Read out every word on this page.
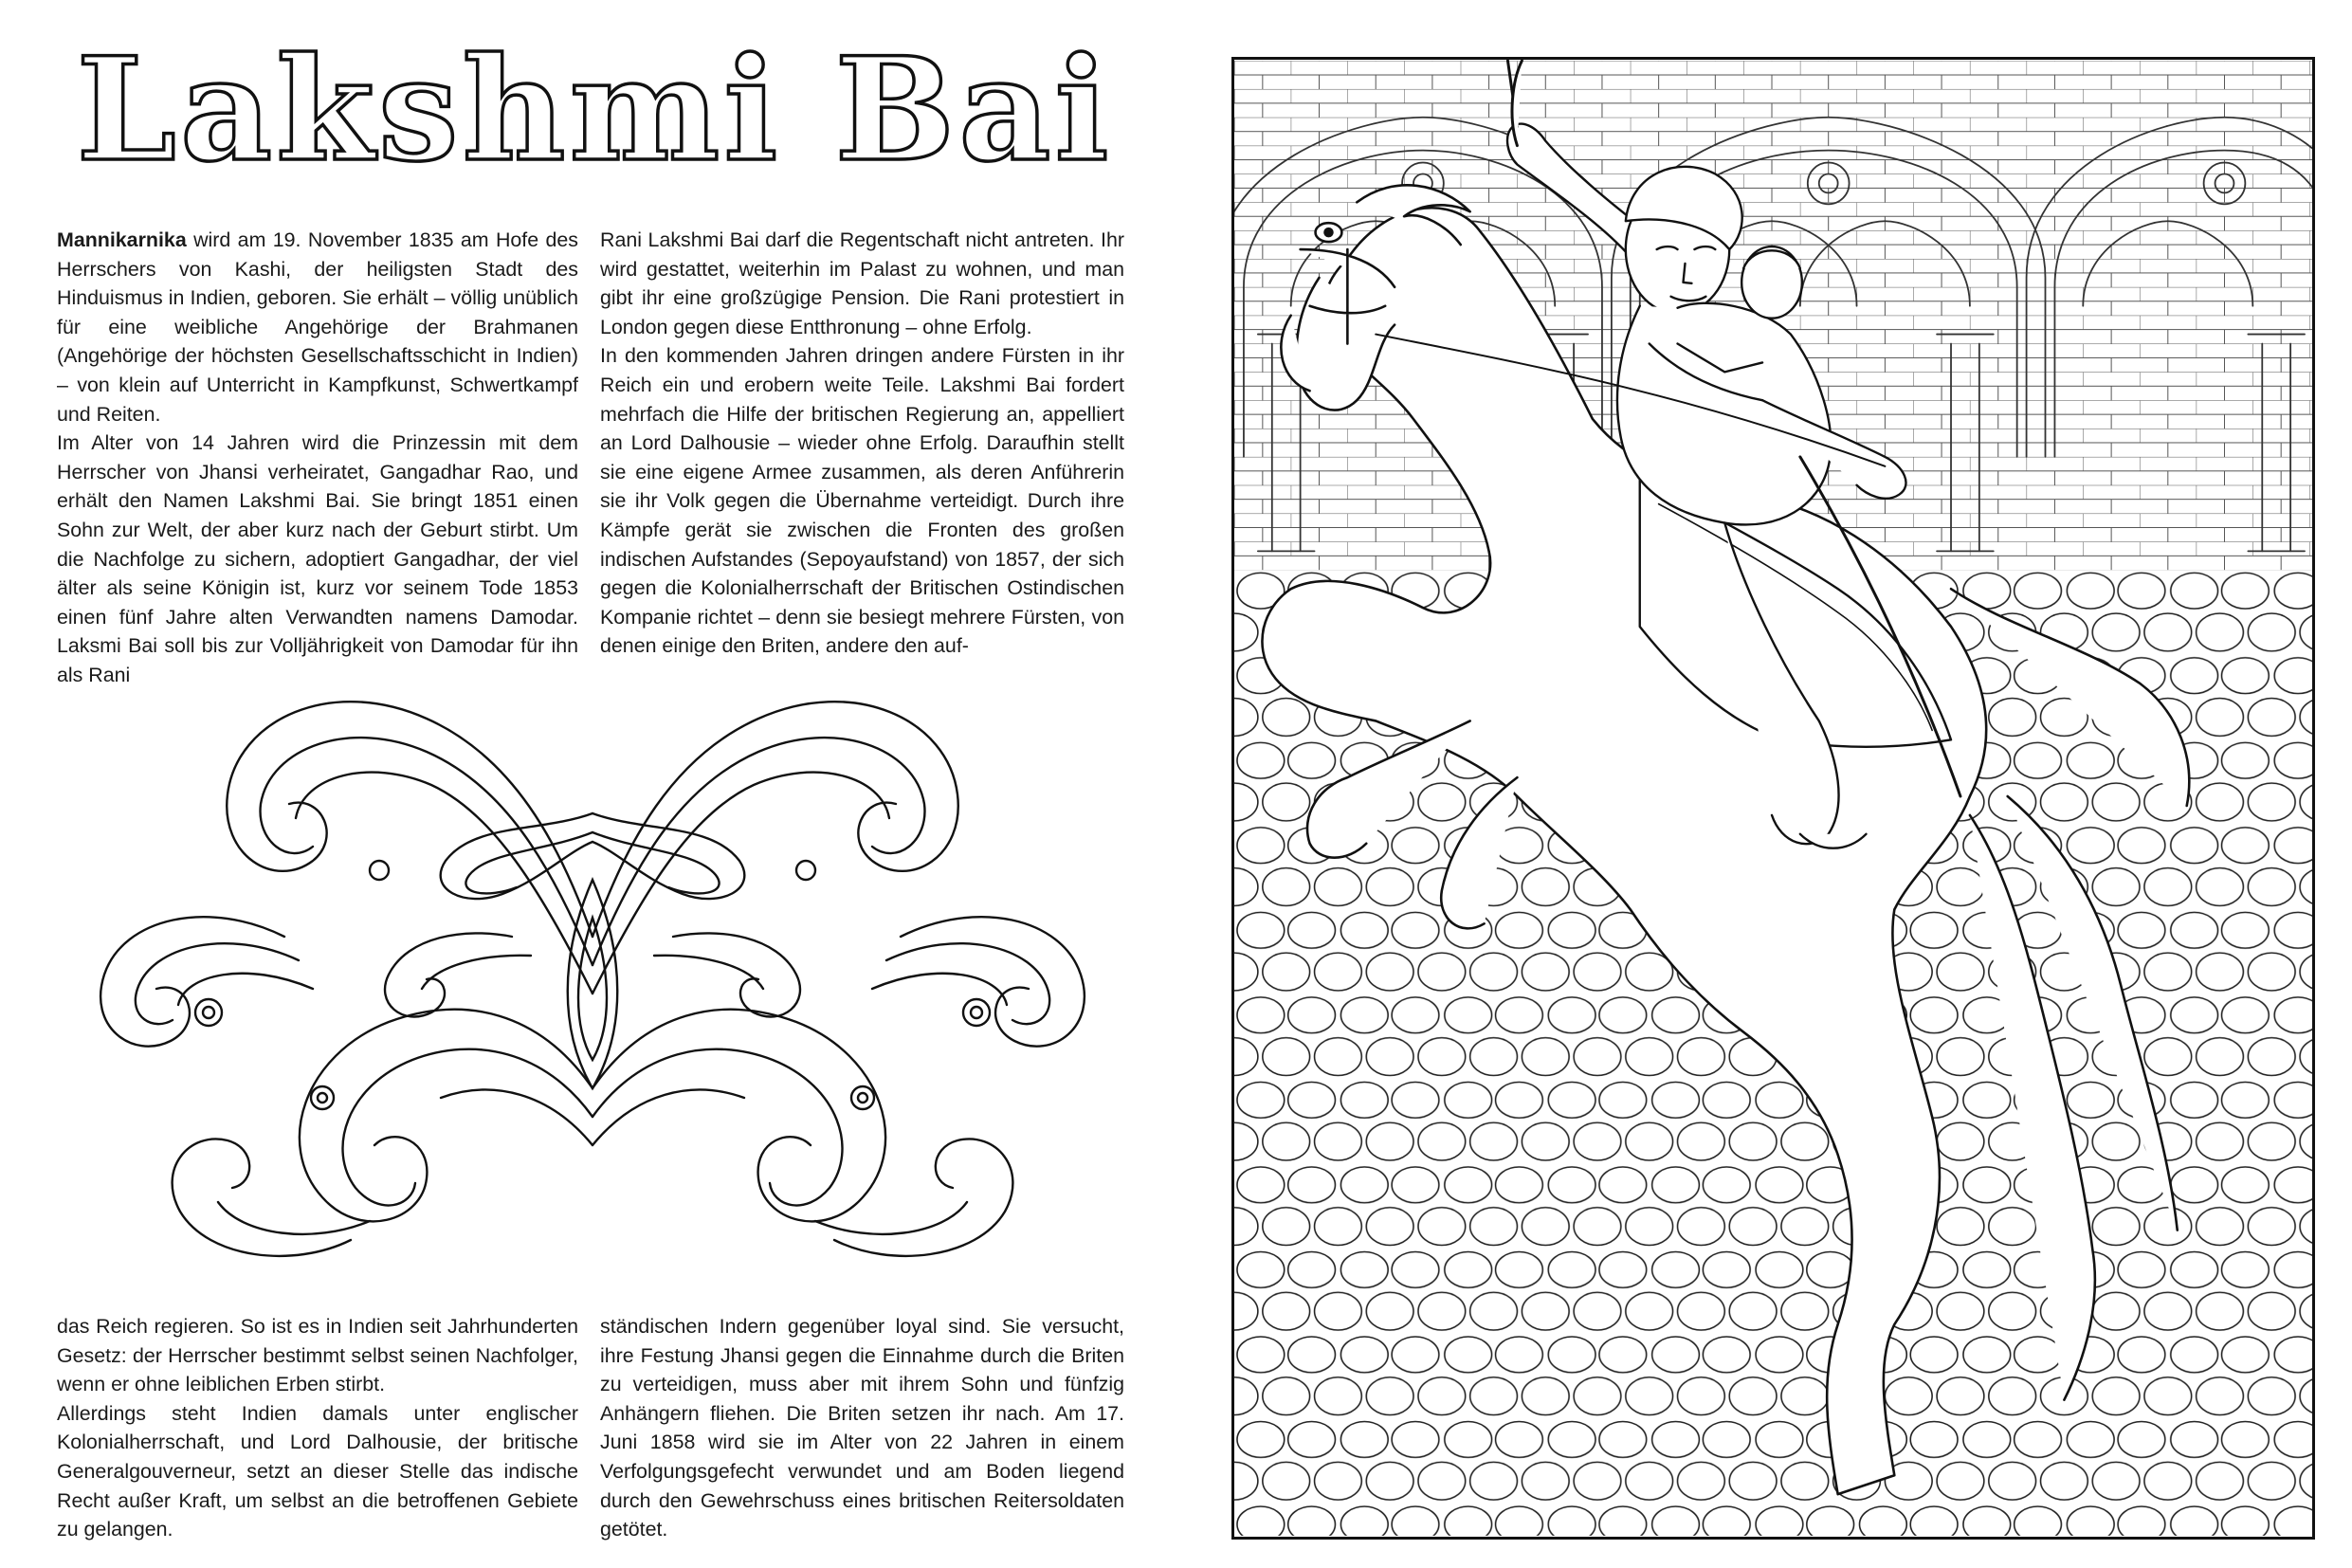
Lakshmi Bai

Mannikarnika wird am 19. November 1835 am Hofe des Herrschers von Kashi, der heiligsten Stadt des Hinduismus in Indien, geboren. Sie erhält – völlig unüblich für eine weibliche Angehörige der Brahmanen (Angehörige der höchsten Gesellschaftsschicht in Indien) – von klein auf Unterricht in Kampfkunst, Schwertkampf und Reiten.

Im Alter von 14 Jahren wird die Prinzessin mit dem Herrscher von Jhansi verheiratet, Gangadhar Rao, und erhält den Namen Lakshmi Bai. Sie bringt 1851 einen Sohn zur Welt, der aber kurz nach der Geburt stirbt. Um die Nachfolge zu sichern, adoptiert Gangadhar, der viel älter als seine Königin ist, kurz vor seinem Tode 1853 einen fünf Jahre alten Verwandten namens Damodar. Laksmi Bai soll bis zur Volljährigkeit von Damodar für ihn als Rani

Rani Lakshmi Bai darf die Regentschaft nicht antreten. Ihr wird gestattet, weiterhin im Palast zu wohnen, und man gibt ihr eine großzügige Pension. Die Rani protestiert in London gegen diese Entthronung – ohne Erfolg.

In den kommenden Jahren dringen andere Fürsten in ihr Reich ein und erobern weite Teile. Lakshmi Bai fordert mehrfach die Hilfe der britischen Regierung an, appelliert an Lord Dalhousie – wieder ohne Erfolg. Daraufhin stellt sie eine eigene Armee zusammen, als deren Anführerin sie ihr Volk gegen die Übernahme verteidigt. Durch ihre Kämpfe gerät sie zwischen die Fronten des großen indischen Aufstandes (Sepoyaufstand) von 1857, der sich gegen die Kolonialherrschaft der Britischen Ostindischen Kompanie richtet – denn sie besiegt mehrere Fürsten, von denen einige den Briten, andere den auf-

das Reich regieren. So ist es in Indien seit Jahrhunderten Gesetz: der Herrscher bestimmt selbst seinen Nachfolger, wenn er ohne leiblichen Erben stirbt.

Allerdings steht Indien damals unter englischer Kolonialherrschaft, und Lord Dalhousie, der britische Generalgouverneur, setzt an dieser Stelle das indische Recht außer Kraft, um selbst an die betroffenen Gebiete zu gelangen.

ständischen Indern gegenüber loyal sind. Sie versucht, ihre Festung Jhansi gegen die Einnahme durch die Briten zu verteidigen, muss aber mit ihrem Sohn und fünfzig Anhängern fliehen. Die Briten setzen ihr nach. Am 17. Juni 1858 wird sie im Alter von 22 Jahren in einem Verfolgungsgefecht verwundet und am Boden liegend durch den Gewehrschuss eines britischen Reitersoldaten getötet.
